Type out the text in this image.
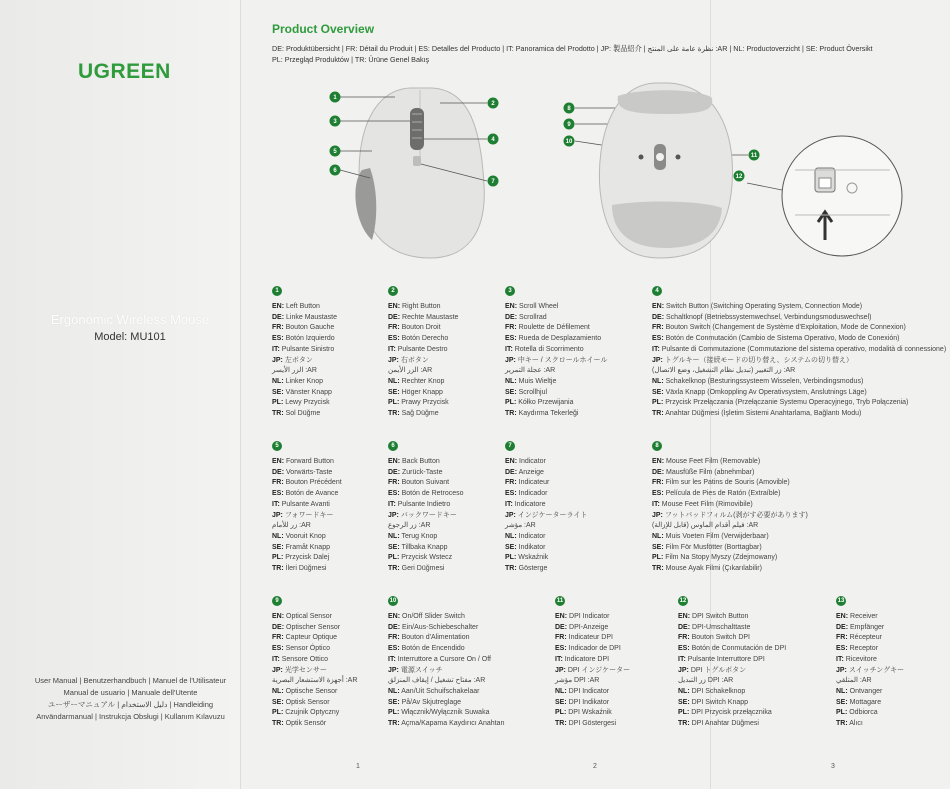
UGREEN
Ergonomic Wireless Mouse
Model: MU101
User Manual | Benutzerhandbuch | Manuel de l'Utilisateur
Manual de usuario | Manuale dell'Utente
ユーザーマニュアル | دليل الاستخدام | Handleiding
Användarmanual | Instrukcja Obsługi | Kullanım Kılavuzu
Product Overview
DE: Produktübersicht | FR: Détail du Produit | ES: Detalles del Producto | IT: Panoramica del Prodotto | JP: 製品紹介 | نظرة عامة على المنتج :AR | NL: Productoverzicht | SE: Product Översikt
PL: Przegląd Produktów | TR: Ürüne Genel Bakış
1
3
5
6
2
4
7
8
9
10
11
12
1
EN: Left Button
DE: Linke Maustaste
FR: Bouton Gauche
ES: Botón Izquierdo
IT: Pulsante Sinistro
JP: 左ボタン
الزر الأيسر :AR
NL: Linker Knop
SE: Vänster Knapp
PL: Lewy Przycisk
TR: Sol Düğme
2
EN: Right Button
DE: Rechte Maustaste
FR: Bouton Droit
ES: Botón Derecho
IT: Pulsante Destro
JP: 右ボタン
الزر الأيمن :AR
NL: Rechter Knop
SE: Höger Knapp
PL: Prawy Przycisk
TR: Sağ Düğme
3
EN: Scroll Wheel
DE: Scrollrad
FR: Roulette de Défilement
ES: Rueda de Desplazamiento
IT: Rotella di Scorrimento
JP: 中キー / スクロールホイール
عجلة التمرير :AR
NL: Muis Wieltje
SE: Scrollhjul
PL: Kółko Przewijania
TR: Kaydırma Tekerleği
4
EN: Switch Button (Switching Operating System, Connection Mode)
DE: Schaltknopf (Betriebssystemwechsel, Verbindungsmoduswechsel)
FR: Bouton Switch (Changement de Système d'Exploitation, Mode de Connexion)
ES: Botón de Conmutación (Cambio de Sistema Operativo, Modo de Conexión)
IT: Pulsante di Commutazione (Commutazione del sistema operativo, modalità di connessione)
JP: トグルキー（接続モードの切り替え、システムの切り替え）
زر التغيير (تبديل نظام التشغيل، وضع الاتصال) :AR
NL: Schakelknop (Besturingssysteem Wisselen, Verbindingsmodus)
SE: Växla Knapp (Omkoppling Av Operativsystem, Anslutnings Läge)
PL: Przycisk Przełączania (Przełączanie Systemu Operacyjnego, Tryb Połączenia)
TR: Anahtar Düğmesi (İşletim Sistemi Anahtarlama, Bağlantı Modu)
5
EN: Forward Button
DE: Vorwärts-Taste
FR: Bouton Précédent
ES: Botón de Avance
IT: Pulsante Avanti
JP: フォワードキー
زر للأمام :AR
NL: Vooruit Knop
SE: Framåt Knapp
PL: Przycisk Dalej
TR: İleri Düğmesi
6
EN: Back Button
DE: Zurück-Taste
FR: Bouton Suivant
ES: Botón de Retroceso
IT: Pulsante Indietro
JP: バックワードキー
زر الرجوع :AR
NL: Terug Knop
SE: Tillbaka Knapp
PL: Przycisk Wstecz
TR: Geri Düğmesi
7
EN: Indicator
DE: Anzeige
FR: Indicateur
ES: Indicador
IT: Indicatore
JP: インジケーターライト
مؤشر :AR
NL: Indicator
SE: Indikator
PL: Wskaźnik
TR: Gösterge
8
EN: Mouse Feet Film (Removable)
DE: Mausfüße Film (abnehmbar)
FR: Film sur les Patins de Souris (Amovible)
ES: Película de Pies de Ratón (Extraíble)
IT: Mouse Feet Film (Rimovibile)
JP: フットパッドフィルム(剥がす必要があります)
فيلم أقدام الماوس (قابل للإزالة) :AR
NL: Muis Voeten Film (Verwijderbaar)
SE: Film För Musfötter (Borttagbar)
PL: Film Na Stopy Myszy (Zdejmowany)
TR: Mouse Ayak Filmi (Çıkarılabilir)
9
EN: Optical Sensor
DE: Optischer Sensor
FR: Capteur Optique
ES: Sensor Óptico
IT: Sensore Ottico
JP: 光学センサー
أجهزة الاستشعار البصرية :AR
NL: Optische Sensor
SE: Optisk Sensor
PL: Czujnik Optyczny
TR: Optik Sensör
10
EN: On/Off Slider Switch
DE: Ein/Aus-Schiebeschalter
FR: Bouton d'Alimentation
ES: Botón de Encendido
IT: Interruttore a Cursore On / Off
JP: 電源スイッチ
مفتاح تشغيل / إيقاف المنزلق :AR
NL: Aan/Uit Schuifschakelaar
SE: På/Av Skjutreglage
PL: Włącznik/Wyłącznik Suwaka
TR: Açma/Kapama Kaydırıcı Anahtarı
11
EN: DPI Indicator
DE: DPI-Anzeige
FR: Indicateur DPI
ES: Indicador de DPI
IT: Indicatore DPI
JP: DPI インジケーター
مؤشر DPI :AR
NL: DPI Indicator
SE: DPI Indikator
PL: DPI Wskaźnik
TR: DPI Göstergesi
12
EN: DPI Switch Button
DE: DPI-Umschalttaste
FR: Bouton Switch DPI
ES: Botón de Conmutación de DPI
IT: Pulsante Interruttore DPI
JP: DPI トグルボタン
زر التبديل DPI :AR
NL: DPI Schakelknop
SE: DPI Switch Knapp
PL: DPI Przycisk przełącznika
TR: DPI Anahtar Düğmesi
13
EN: Receiver
DE: Empfänger
FR: Récepteur
ES: Receptor
IT: Ricevitore
JP: スイッチングキー
المتلقي :AR
NL: Ontvanger
SE: Mottagare
PL: Odbiorca
TR: Alıcı
1	2	3
